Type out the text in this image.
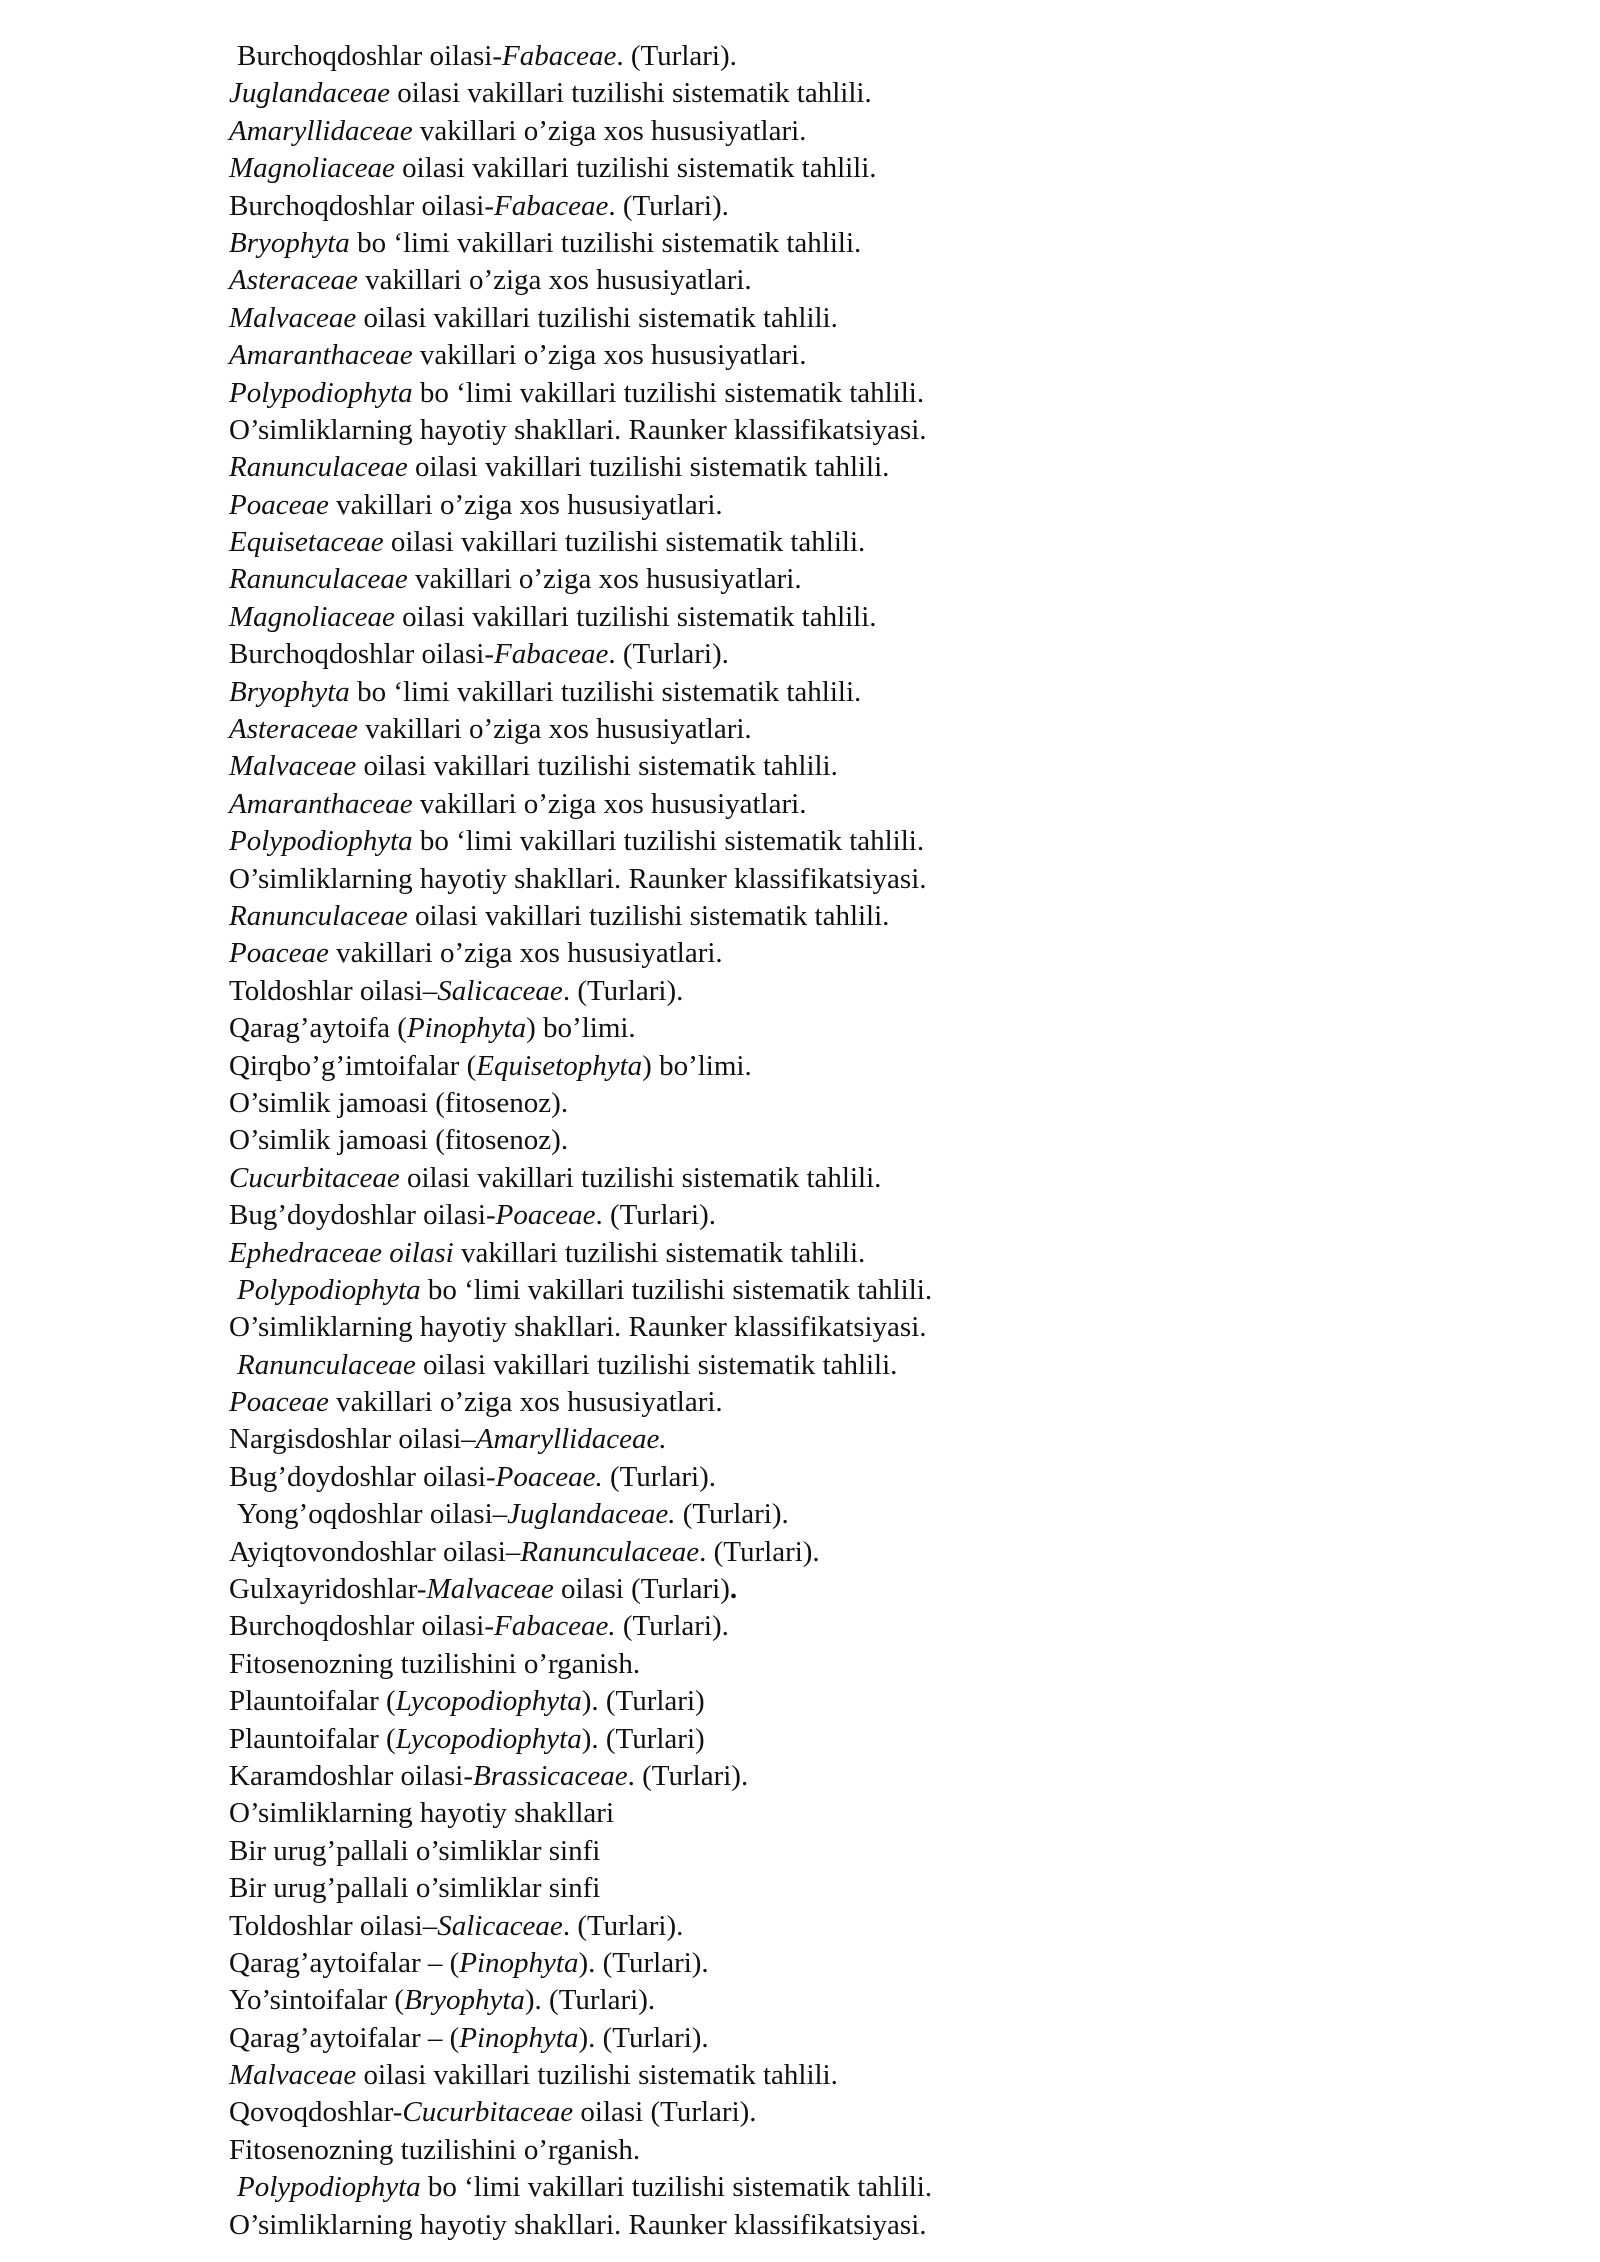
Burchoqdoshlar oilasi-Fabaceae. (Turlari).
Juglandaceae oilasi vakillari tuzilishi sistematik tahlili.
Amaryllidaceae vakillari o’ziga xos hususiyatlari.
Magnoliaceae oilasi vakillari tuzilishi sistematik tahlili.
Burchoqdoshlar oilasi-Fabaceae. (Turlari).
Bryophyta bo ‘limi vakillari tuzilishi sistematik tahlili.
Asteraceae vakillari o’ziga xos hususiyatlari.
Malvaceae oilasi vakillari tuzilishi sistematik tahlili.
Amaranthaceae vakillari o’ziga xos hususiyatlari.
Polypodiophyta bo ‘limi vakillari tuzilishi sistematik tahlili.
O’simliklarning hayotiy shakllari. Raunker klassifikatsiyasi.
Ranunculaceae oilasi vakillari tuzilishi sistematik tahlili.
Poaceae vakillari o’ziga xos hususiyatlari.
Equisetaceae oilasi vakillari tuzilishi sistematik tahlili.
Ranunculaceae vakillari o’ziga xos hususiyatlari.
Magnoliaceae oilasi vakillari tuzilishi sistematik tahlili.
Burchoqdoshlar oilasi-Fabaceae. (Turlari).
Bryophyta bo ‘limi vakillari tuzilishi sistematik tahlili.
Asteraceae vakillari o’ziga xos hususiyatlari.
Malvaceae oilasi vakillari tuzilishi sistematik tahlili.
Amaranthaceae vakillari o’ziga xos hususiyatlari.
Polypodiophyta bo ‘limi vakillari tuzilishi sistematik tahlili.
O’simliklarning hayotiy shakllari. Raunker klassifikatsiyasi.
Ranunculaceae oilasi vakillari tuzilishi sistematik tahlili.
Poaceae vakillari o’ziga xos hususiyatlari.
Toldoshlar oilasi–Salicaceae. (Turlari).
Qarag’aytoifa (Pinophyta) bo’limi.
Qirqbo’g’imtoifalar (Equisetophyta) bo’limi.
O’simlik jamoasi (fitosenoz).
O’simlik jamoasi (fitosenoz).
Cucurbitaceae oilasi vakillari tuzilishi sistematik tahlili.
Bug’doydoshlar oilasi-Poaceae. (Turlari).
Ephedraceae oilasi vakillari tuzilishi sistematik tahlili.
Polypodiophyta bo ‘limi vakillari tuzilishi sistematik tahlili.
O’simliklarning hayotiy shakllari. Raunker klassifikatsiyasi.
Ranunculaceae oilasi vakillari tuzilishi sistematik tahlili.
Poaceae vakillari o’ziga xos hususiyatlari.
Nargisdoshlar oilasi–Amaryllidaceae.
Bug’doydoshlar oilasi-Poaceae. (Turlari).
Yong’oqdoshlar oilasi–Juglandaceae. (Turlari).
Ayiqtovondoshlar oilasi–Ranunculaceae. (Turlari).
Gulxayridoshlar-Malvaceae oilasi (Turlari).
Burchoqdoshlar oilasi-Fabaceae. (Turlari).
Fitosenozning tuzilishini o’rganish.
Plauntoifalar (Lycopodiophyta). (Turlari)
Plauntoifalar (Lycopodiophyta). (Turlari)
Karamdoshlar oilasi-Brassicaceae. (Turlari).
O’simliklarning hayotiy shakllari
Bir urug’pallali o’simliklar sinfi
Bir urug’pallali o’simliklar sinfi
Toldoshlar oilasi–Salicaceae. (Turlari).
Qarag’aytoifalar – (Pinophyta). (Turlari).
Yo’sintoifalar (Bryophyta). (Turlari).
Qarag’aytoifalar – (Pinophyta). (Turlari).
Malvaceae oilasi vakillari tuzilishi sistematik tahlili.
Qovoqdoshlar-Cucurbitaceae oilasi (Turlari).
Fitosenozning tuzilishini o’rganish.
Polypodiophyta bo ‘limi vakillari tuzilishi sistematik tahlili.
O’simliklarning hayotiy shakllari. Raunker klassifikatsiyasi.
